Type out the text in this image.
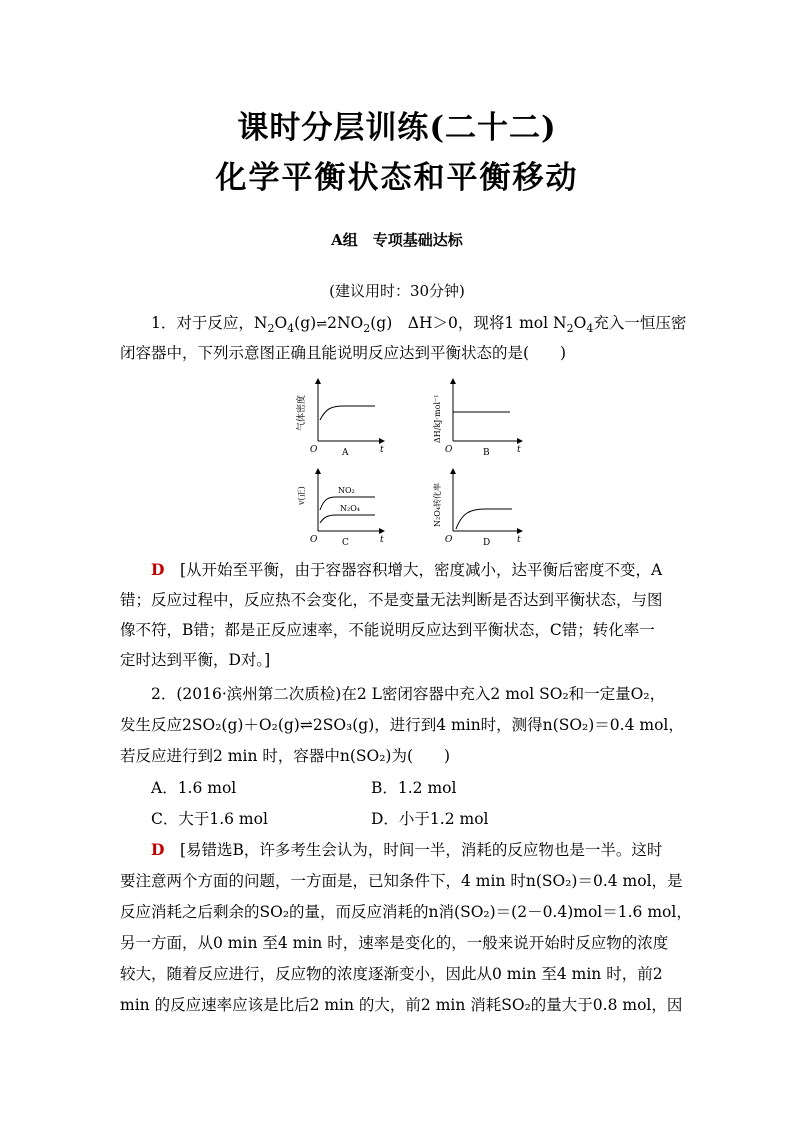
课时分层训练(二十二)
化学平衡状态和平衡移动
A组　专项基础达标
(建议用时：30分钟)
1．对于反应，$N_2O_4(g)\rightleftharpoons 2NO_2(g)$　ΔH＞0，现将1 mol $N_2O_4$充入一恒压密
闭容器中，下列示意图正确且能说明反应达到平衡状态的是(　　)
气体密度
O	t
A
ΔH/kJ·mol⁻¹
O	t
B
v(正)	NO₂
N₂O₄
O	t
C
N₂O₄转化率
O	t
D
D　 [从开始至平衡，由于容器容积增大，密度减小，达平衡后密度不变，A
错；反应过程中，反应热不会变化，不是变量无法判断是否达到平衡状态，与图
像不符，B错；都是正反应速率，不能说明反应达到平衡状态，C错；转化率一
定时达到平衡，D对。]
2．(2016·滨州第二次质检)在2 L密闭容器中充入2 mol SO₂和一定量O₂，
发生反应2SO₂(g)＋O₂(g)⇌2SO₃(g)，进行到4 min时，测得n(SO₂)＝0.4 mol，
若反应进行到2 min 时，容器中n(SO₂)为(　　)
A．1.6 mol	B．1.2 mol
C．大于1.6 mol	D．小于1.2 mol
D　 [易错选B，许多考生会认为，时间一半，消耗的反应物也是一半。这时
要注意两个方面的问题，一方面是，已知条件下，4 min 时n(SO₂)＝0.4 mol，是
反应消耗之后剩余的SO₂的量，而反应消耗的n消(SO₂)＝(2－0.4)mol＝1.6 mol，
另一方面，从0 min 至4 min 时，速率是变化的，一般来说开始时反应物的浓度
较大，随着反应进行，反应物的浓度逐渐变小，因此从0 min 至4 min 时，前2
min 的反应速率应该是比后2 min 的大，前2 min 消耗SO₂的量大于0.8 mol，因
